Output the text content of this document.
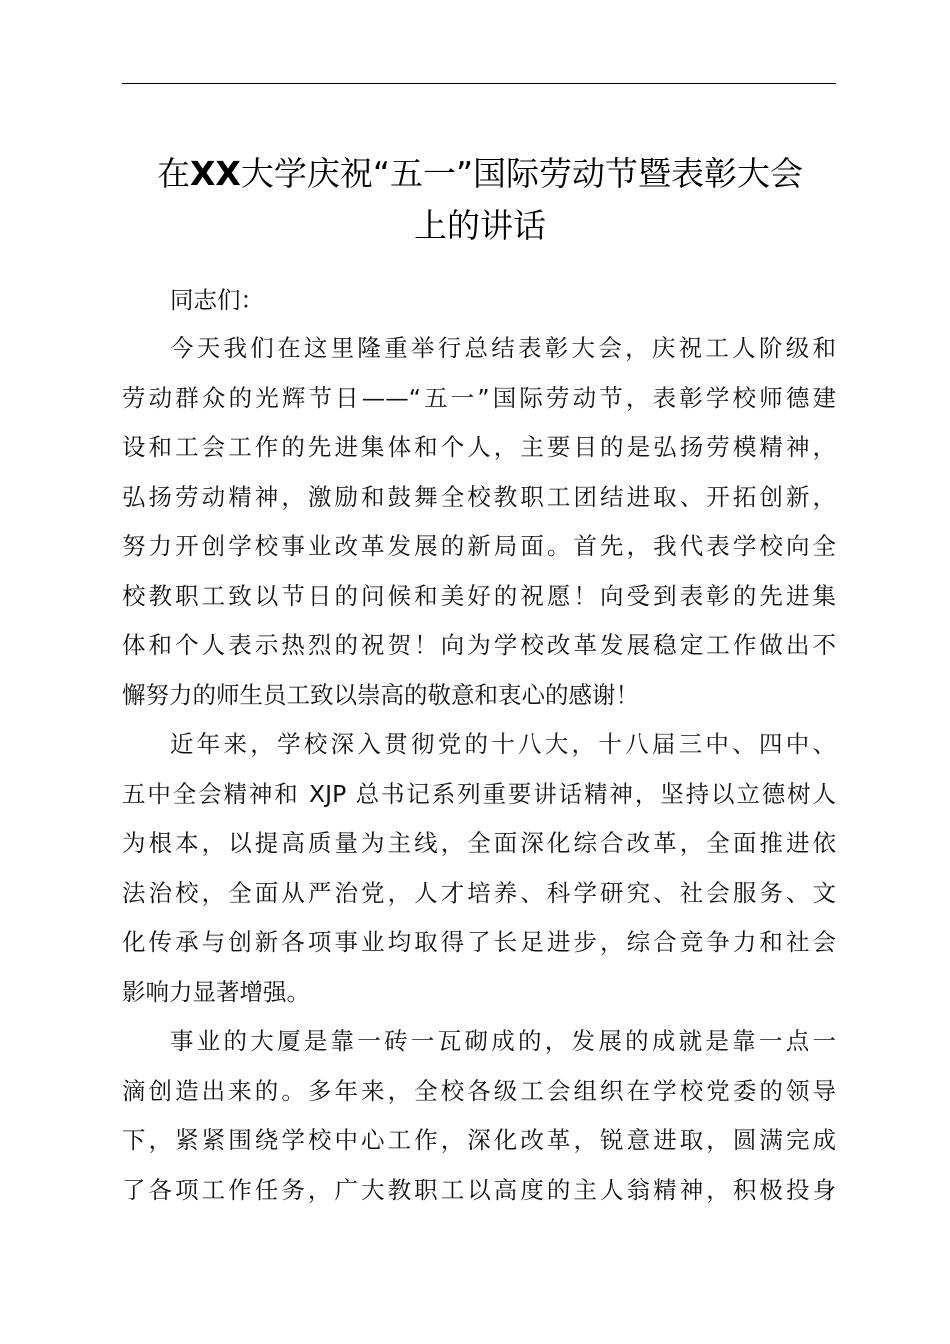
在XX大学庆祝“五一”国际劳动节暨表彰大会
上的讲话

同志们：

今天我们在这里隆重举行总结表彰大会，庆祝工人阶级和
劳动群众的光辉节日——“五一”国际劳动节，表彰学校师德建
设和工会工作的先进集体和个人，主要目的是弘扬劳模精神，
弘扬劳动精神，激励和鼓舞全校教职工团结进取、开拓创新，
努力开创学校事业改革发展的新局面。首先，我代表学校向全
校教职工致以节日的问候和美好的祝愿！向受到表彰的先进集
体和个人表示热烈的祝贺！向为学校改革发展稳定工作做出不
懈努力的师生员工致以崇高的敬意和衷心的感谢！

近年来，学校深入贯彻党的十八大，十八届三中、四中、
五中全会精神和 XJP 总书记系列重要讲话精神，坚持以立德树人
为根本，以提高质量为主线，全面深化综合改革，全面推进依
法治校，全面从严治党，人才培养、科学研究、社会服务、文
化传承与创新各项事业均取得了长足进步，综合竞争力和社会
影响力显著增强。

事业的大厦是靠一砖一瓦砌成的，发展的成就是靠一点一
滴创造出来的。多年来，全校各级工会组织在学校党委的领导
下，紧紧围绕学校中心工作，深化改革，锐意进取，圆满完成
了各项工作任务，广大教职工以高度的主人翁精神，积极投身
